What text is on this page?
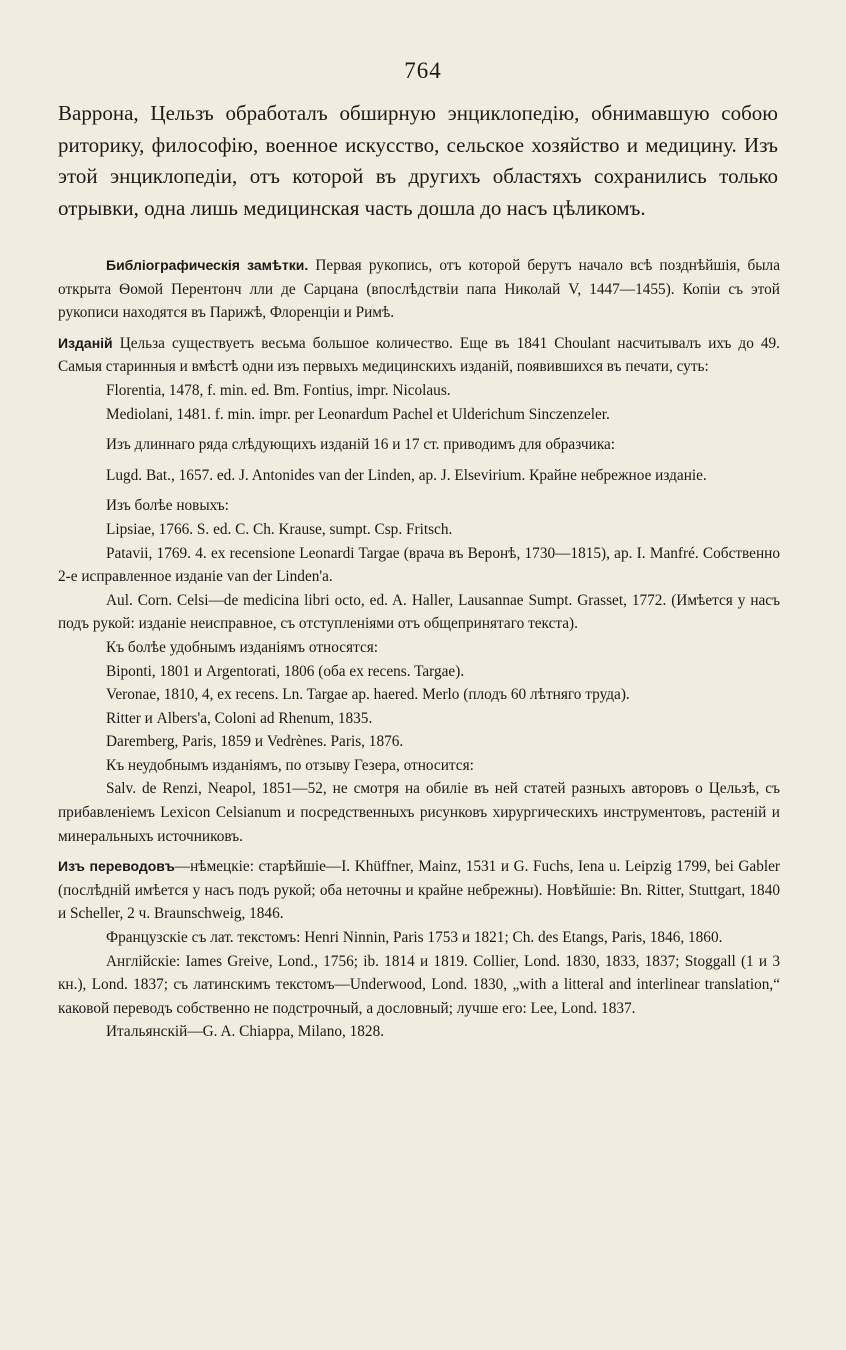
764
Варрона, Цельзъ обработалъ обширную энциклопедію, обнимавшую собою риторику, философію, военное искусство, сельское хозяйство и медицину. Изъ этой энциклопедіи, отъ которой въ другихъ областяхъ сохранились только отрывки, одна лишь медицинская часть дошла до насъ цѣликомъ.

Библіографическія замѣтки. Первая рукопись, отъ которой берутъ начало всѣ позднѣйшія, была открыта Ѳомой Перентонч лли де Сарцана (впослѣдствіи папа Николай V, 1447—1455). Копіи съ этой рукописи находятся въ Парижѣ, Флоренціи и Римѣ.

Изданій Цельза существуетъ весьма большое количество. Еще въ 1841 Choulant насчитывалъ ихъ до 49. Самыя старинныя и вмѣстѣ одни изъ первыхъ медицинскихъ изданій, появившихся въ печати, суть:

Florentia, 1478, f. min. ed. Bm. Fontius, impr. Nicolaus.

Mediolani, 1481. f. min. impr. per Leonardum Pachel et Ulderichum Sinczenzeler.

Изъ длиннаго ряда слѣдующихъ изданій 16 и 17 ст. приводимъ для образчика:

Lugd. Bat., 1657. ed. J. Antonides van der Linden, ap. J. Elsevirium. Крайне небрежное изданіе.

Изъ болѣе новыхъ:

Lipsiae, 1766. S. ed. C. Ch. Krause, sumpt. Csp. Fritsch.

Patavii, 1769. 4. ex recensione Leonardi Targae (врача въ Веронѣ, 1730—1815), ap. I. Manfré. Собственно 2-е исправленное изданіе van der Linden'a.

Aul. Corn. Celsi—de medicina libri octo, ed. A. Haller, Lausannae Sumpt. Grasset, 1772. (Имѣется у насъ подъ рукой: изданіе неисправное, съ отступленіями отъ общепринятаго текста).

Къ болѣе удобнымъ изданіямъ относятся:

Biponti, 1801 и Argentorati, 1806 (оба ex recens. Targae).

Veronae, 1810, 4, ex recens. Ln. Targae ap. haered. Merlo (плодъ 60 лѣтняго труда).

Ritter и Albers'a, Coloni ad Rhenum, 1835.

Daremberg, Paris, 1859 и Vedrènes. Paris, 1876.

Къ неудобнымъ изданіямъ, по отзыву Гезера, относится:

Salv. de Renzi, Neapol, 1851—52, не смотря на обиліе въ ней статей разныхъ авторовъ о Цельзѣ, съ прибавленіемъ Lexicon Celsianum и посредственныхъ рисунковъ хирургическихъ инструментовъ, растеній и минеральныхъ источниковъ.

Изъ переводовъ—нѣмецкіе: старѣйшіе—I. Khüffner, Mainz, 1531 и G. Fuchs, Iena u. Leipzig 1799, bei Gabler (послѣдній имѣется у насъ подъ рукой; оба неточны и крайне небрежны). Новѣйшіе: Bn. Ritter, Stuttgart, 1840 и Scheller, 2 ч. Braunschweig, 1846.

Французскіе съ лат. текстомъ: Henri Ninnin, Paris 1753 и 1821; Ch. des Etangs, Paris, 1846, 1860.

Англійскіе: Iames Greive, Lond., 1756; ib. 1814 и 1819. Collier, Lond. 1830, 1833, 1837; Stoggall (1 и 3 кн.), Lond. 1837; съ латинскимъ текстомъ—Underwood, Lond. 1830, „with a litteral and interlinear translation,“ каковой переводъ собственно не подстрочный, а дословный; лучше его: Lee, Lond. 1837.

Итальянскій—G. A. Chiappa, Milano, 1828.
